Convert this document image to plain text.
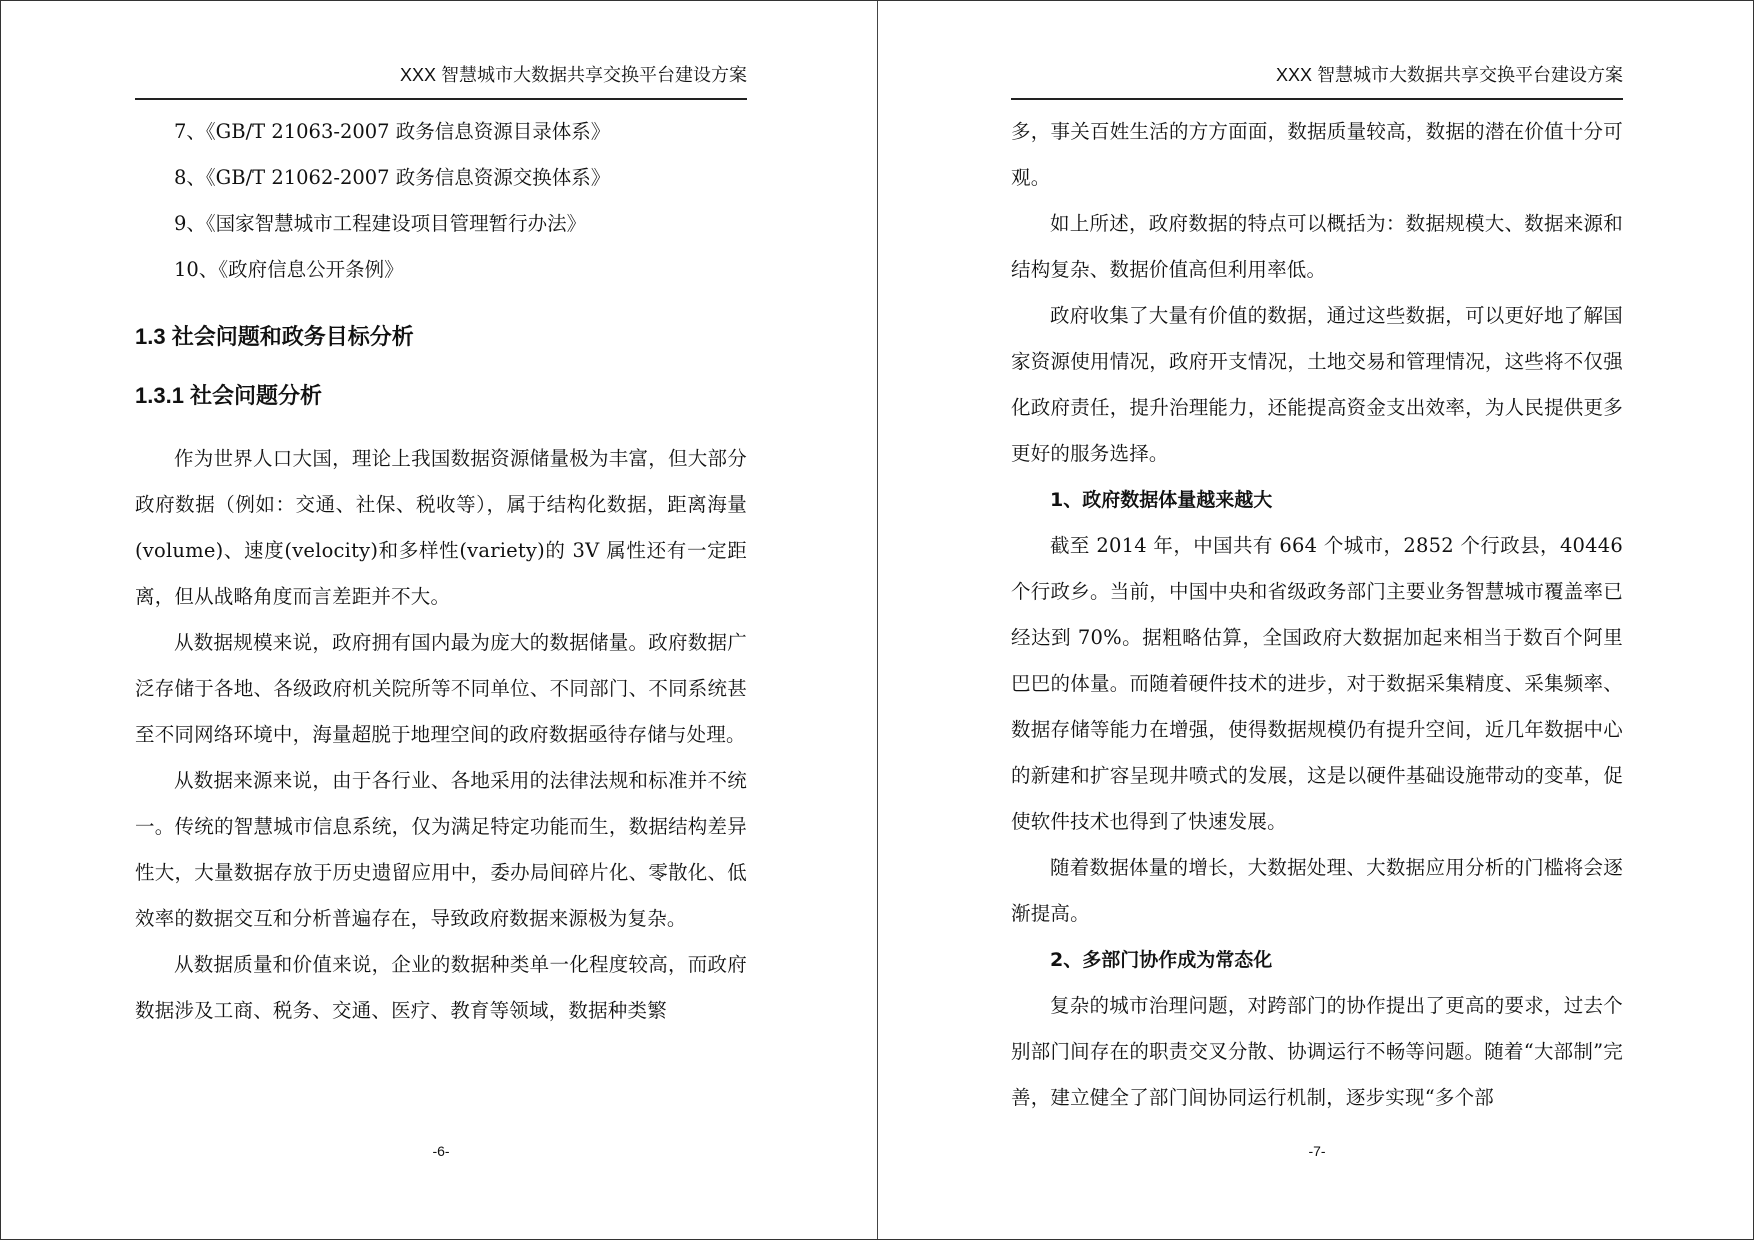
XXX 智慧城市大数据共享交换平台建设方案

7、《GB/T 21063-2007 政务信息资源目录体系》

8、《GB/T 21062-2007 政务信息资源交换体系》

9、《国家智慧城市工程建设项目管理暂行办法》

10、《政府信息公开条例》

1.3 社会问题和政务目标分析

1.3.1 社会问题分析

作为世界人口大国，理论上我国数据资源储量极为丰富，但大部分政府数据（例如：交通、社保、税收等），属于结构化数据，距离海量(volume)、速度(velocity)和多样性(variety)的 3V 属性还有一定距离，但从战略角度而言差距并不大。

从数据规模来说，政府拥有国内最为庞大的数据储量。政府数据广泛存储于各地、各级政府机关院所等不同单位、不同部门、不同系统甚至不同网络环境中，海量超脱于地理空间的政府数据亟待存储与处理。

从数据来源来说，由于各行业、各地采用的法律法规和标准并不统一。传统的智慧城市信息系统，仅为满足特定功能而生，数据结构差异性大，大量数据存放于历史遗留应用中，委办局间碎片化、零散化、低效率的数据交互和分析普遍存在，导致政府数据来源极为复杂。

从数据质量和价值来说，企业的数据种类单一化程度较高，而政府数据涉及工商、税务、交通、医疗、教育等领域，数据种类繁

-6-
XXX 智慧城市大数据共享交换平台建设方案

多，事关百姓生活的方方面面，数据质量较高，数据的潜在价值十分可观。

如上所述，政府数据的特点可以概括为：数据规模大、数据来源和结构复杂、数据价值高但利用率低。

政府收集了大量有价值的数据，通过这些数据，可以更好地了解国家资源使用情况，政府开支情况，土地交易和管理情况，这些将不仅强化政府责任，提升治理能力，还能提高资金支出效率，为人民提供更多更好的服务选择。

1、政府数据体量越来越大

截至 2014 年，中国共有 664 个城市，2852 个行政县，40446 个行政乡。当前，中国中央和省级政务部门主要业务智慧城市覆盖率已经达到 70%。据粗略估算，全国政府大数据加起来相当于数百个阿里巴巴的体量。而随着硬件技术的进步，对于数据采集精度、采集频率、数据存储等能力在增强，使得数据规模仍有提升空间，近几年数据中心的新建和扩容呈现井喷式的发展，这是以硬件基础设施带动的变革，促使软件技术也得到了快速发展。

随着数据体量的增长，大数据处理、大数据应用分析的门槛将会逐渐提高。

2、多部门协作成为常态化

复杂的城市治理问题，对跨部门的协作提出了更高的要求，过去个别部门间存在的职责交叉分散、协调运行不畅等问题。随着“大部制”完善，建立健全了部门间协同运行机制，逐步实现“多个部

-7-
